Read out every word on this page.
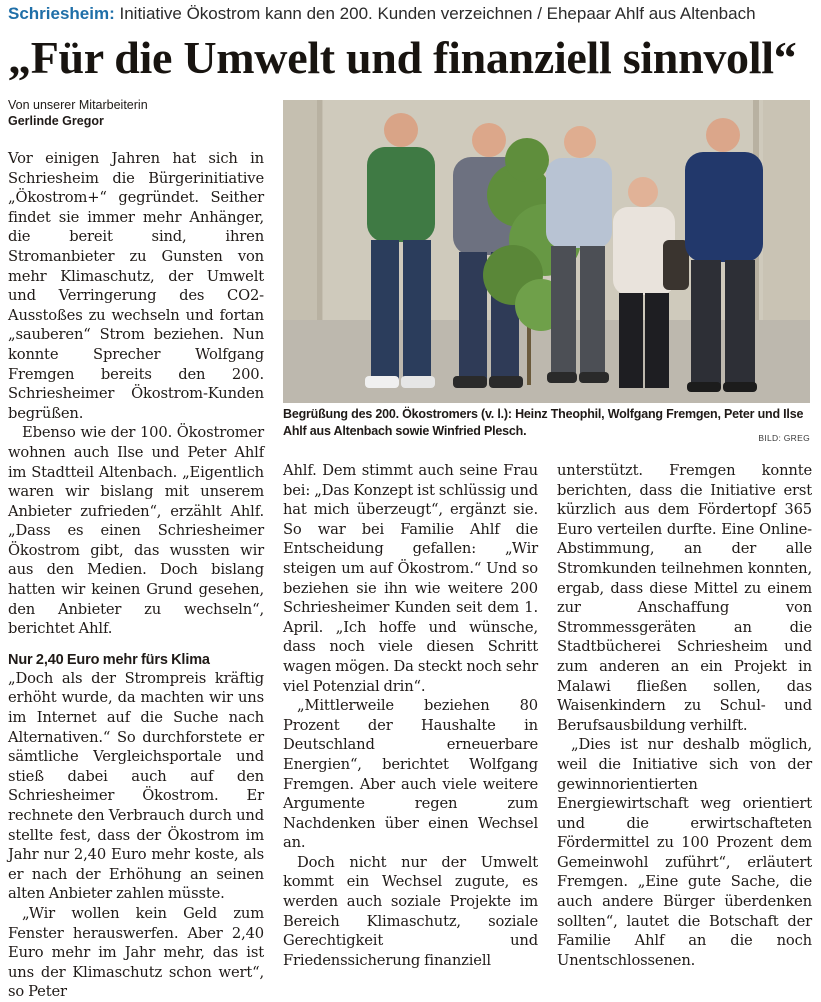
Schriesheim: Initiative Ökostrom kann den 200. Kunden verzeichnen / Ehepaar Ahlf aus Altenbach
„Für die Umwelt und finanziell sinnvoll“
Von unserer Mitarbeiterin
Gerlinde Gregor

Vor einigen Jahren hat sich in Schriesheim die Bürgerinitiative „Ökostrom+“ gegründet. Seither findet sie immer mehr Anhänger, die bereit sind, ihren Stromanbieter zu Gunsten von mehr Klimaschutz, der Umwelt und Verringerung des CO2-Ausstoßes zu wechseln und fortan „sauberen“ Strom beziehen. Nun konnte Sprecher Wolfgang Fremgen bereits den 200. Schriesheimer Ökostrom-Kunden begrüßen.

Ebenso wie der 100. Ökostromer wohnen auch Ilse und Peter Ahlf im Stadtteil Altenbach. „Eigentlich waren wir bislang mit unserem Anbieter zufrieden“, erzählt Ahlf. „Dass es einen Schriesheimer Ökostrom gibt, das wussten wir aus den Medien. Doch bislang hatten wir keinen Grund gesehen, den Anbieter zu wechseln“, berichtet Ahlf.

Nur 2,40 Euro mehr fürs Klima

„Doch als der Strompreis kräftig erhöht wurde, da machten wir uns im Internet auf die Suche nach Alternativen.“ So durchforstete er sämtliche Vergleichsportale und stieß dabei auch auf den Schriesheimer Ökostrom. Er rechnete den Verbrauch durch und stellte fest, dass der Ökostrom im Jahr nur 2,40 Euro mehr koste, als er nach der Erhöhung an seinen alten Anbieter zahlen müsste.

„Wir wollen kein Geld zum Fenster herauswerfen. Aber 2,40 Euro mehr im Jahr mehr, das ist uns der Klimaschutz schon wert“, so Peter

Begrüßung des 200. Ökostromers (v. l.): Heinz Theophil, Wolfgang Fremgen, Peter und Ilse Ahlf aus Altenbach sowie Winfried Plesch.	BILD: GREG

Ahlf. Dem stimmt auch seine Frau bei: „Das Konzept ist schlüssig und hat mich überzeugt“, ergänzt sie. So war bei Familie Ahlf die Entscheidung gefallen: „Wir steigen um auf Ökostrom.“ Und so beziehen sie ihn wie weitere 200 Schriesheimer Kunden seit dem 1. April. „Ich hoffe und wünsche, dass noch viele diesen Schritt wagen mögen. Da steckt noch sehr viel Potenzial drin“.

„Mittlerweile beziehen 80 Prozent der Haushalte in Deutschland erneuerbare Energien“, berichtet Wolfgang Fremgen. Aber auch viele weitere Argumente regen zum Nachdenken über einen Wechsel an.

Doch nicht nur der Umwelt kommt ein Wechsel zugute, es werden auch soziale Projekte im Bereich Klimaschutz, soziale Gerechtigkeit und Friedenssicherung finanziell

unterstützt. Fremgen konnte berichten, dass die Initiative erst kürzlich aus dem Fördertopf 365 Euro verteilen durfte. Eine Online-Abstimmung, an der alle Stromkunden teilnehmen konnten, ergab, dass diese Mittel zu einem zur Anschaffung von Strommessgeräten an die Stadtbücherei Schriesheim und zum anderen an ein Projekt in Malawi fließen sollen, das Waisenkindern zu Schul- und Berufsausbildung verhilft.

„Dies ist nur deshalb möglich, weil die Initiative sich von der gewinnorientierten Energiewirtschaft weg orientiert und die erwirtschafteten Fördermittel zu 100 Prozent dem Gemeinwohl zuführt“, erläutert Fremgen. „Eine gute Sache, die auch andere Bürger überdenken sollten“, lautet die Botschaft der Familie Ahlf an die noch Unentschlossenen.
